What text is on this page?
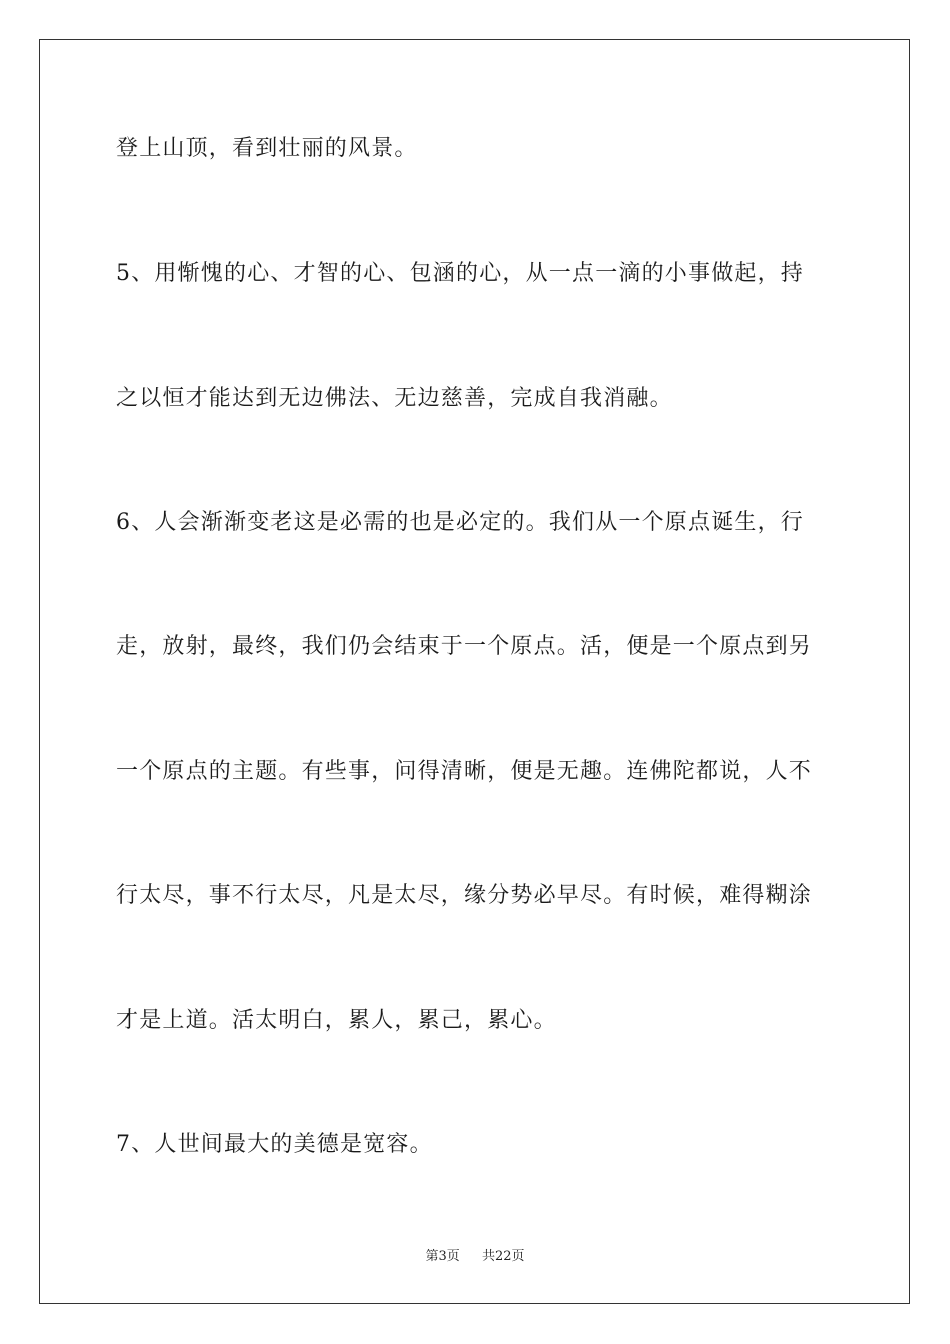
登上山顶，看到壮丽的风景。
5、用惭愧的心、才智的心、包涵的心，从一点一滴的小事做起，持
之以恒才能达到无边佛法、无边慈善，完成自我消融。
6、人会渐渐变老这是必需的也是必定的。我们从一个原点诞生，行
走，放射，最终，我们仍会结束于一个原点。活，便是一个原点到另
一个原点的主题。有些事，问得清晰，便是无趣。连佛陀都说，人不
行太尽，事不行太尽，凡是太尽，缘分势必早尽。有时候，难得糊涂
才是上道。活太明白，累人，累己，累心。
7、人世间最大的美德是宽容。
第3页 共22页
